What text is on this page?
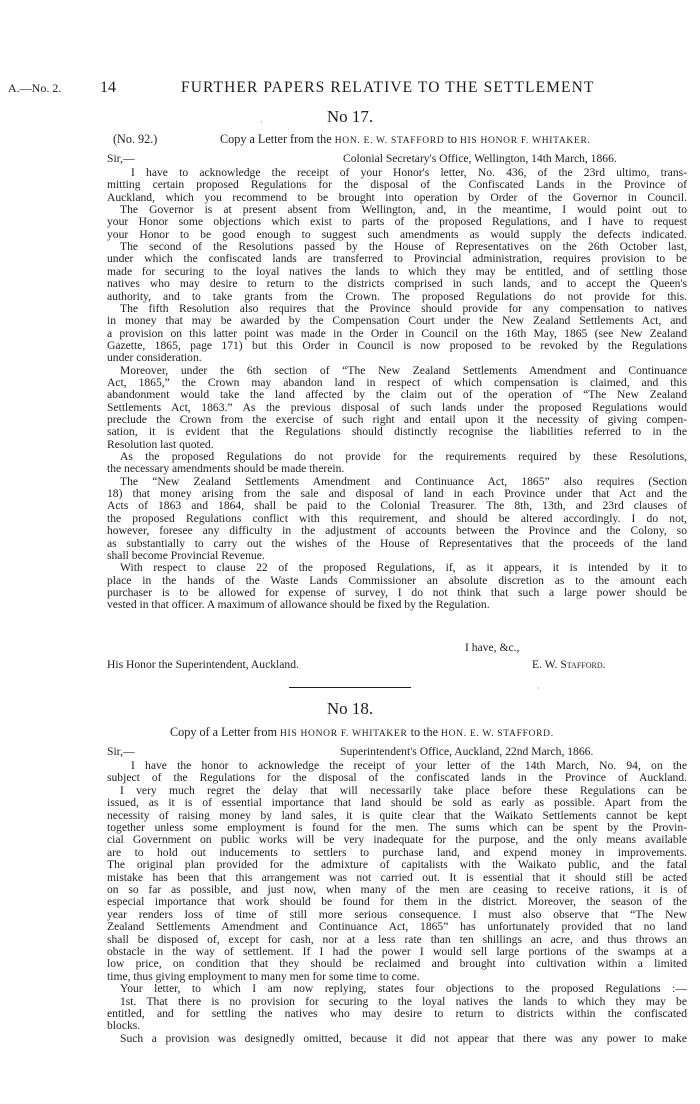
A.—No. 2. 14	FURTHER PAPERS RELATIVE TO THE SETTLEMENT
No 17.
(No. 92.)	Copy a Letter from the HON. E. W. STAFFORD to HIS HONOR F. WHITAKER.
Sir,—	Colonial Secretary's Office, Wellington, 14th March, 1866.
I have to acknowledge the receipt of your Honor's letter, No. 436, of the 23rd ultimo, trans-
mitting certain proposed Regulations for the disposal of the Confiscated Lands in the Province of
Auckland, which you recommend to be brought into operation by Order of the Governor in Council.
The Governor is at present absent from Wellington, and, in the meantime, I would point out to
your Honor some objections which exist to parts of the proposed Regulations, and I have to request
your Honor to be good enough to suggest such amendments as would supply the defects indicated.
The second of the Resolutions passed by the House of Representatives on the 26th October last,
under which the confiscated lands are transferred to Provincial administration, requires provision to be
made for securing to the loyal natives the lands to which they may be entitled, and of settling those
natives who may desire to return to the districts comprised in such lands, and to accept the Queen's
authority, and to take grants from the Crown. The proposed Regulations do not provide for this.
The fifth Resolution also requires that the Province should provide for any compensation to natives
in money that may be awarded by the Compensation Court under the New Zealand Settlements Act, and
a provision on this latter point was made in the Order in Council on the 16th May, 1865 (see New Zealand
Gazette, 1865, page 171) but this Order in Council is now proposed to be revoked by the Regulations
under consideration.
Moreover, under the 6th section of “The New Zealand Settlements Amendment and Continuance
Act, 1865,” the Crown may abandon land in respect of which compensation is claimed, and this
abandonment would take the land affected by the claim out of the operation of “The New Zealand
Settlements Act, 1863.” As the previous disposal of such lands under the proposed Regulations would
preclude the Crown from the exercise of such right and entail upon it the necessity of giving compen-
sation, it is evident that the Regulations should distinctly recognise the liabilities referred to in the
Resolution last quoted.
As the proposed Regulations do not provide for the requirements required by these Resolutions,
the necessary amendments should be made therein.
The “New Zealand Settlements Amendment and Continuance Act, 1865” also requires (Section
18) that money arising from the sale and disposal of land in each Province under that Act and the
Acts of 1863 and 1864, shall be paid to the Colonial Treasurer. The 8th, 13th, and 23rd clauses of
the proposed Regulations conflict with this requirement, and should be altered accordingly. I do not,
however, foresee any difficulty in the adjustment of accounts between the Province and the Colony, so
as substantially to carry out the wishes of the House of Representatives that the proceeds of the land
shall become Provincial Revenue.
With respect to clause 22 of the proposed Regulations, if, as it appears, it is intended by it to
place in the hands of the Waste Lands Commissioner an absolute discretion as to the amount each
purchaser is to be allowed for expense of survey, I do not think that such a large power should be
vested in that officer. A maximum of allowance should be fixed by the Regulation.
I have, &c.,
His Honor the Superintendent, Auckland.	E. W. Stafford.
·
·
No 18.
Copy of a Letter from HIS HONOR F. WHITAKER to the HON. E. W. STAFFORD.
Sir,—	Superintendent's Office, Auckland, 22nd March, 1866.
I have the honor to acknowledge the receipt of your letter of the 14th March, No. 94, on the
subject of the Regulations for the disposal of the confiscated lands in the Province of Auckland.
I very much regret the delay that will necessarily take place before these Regulations can be
issued, as it is of essential importance that land should be sold as early as possible. Apart from the
necessity of raising money by land sales, it is quite clear that the Waikato Settlements cannot be kept
together unless some employment is found for the men. The sums which can be spent by the Provin-
cial Government on public works will be very inadequate for the purpose, and the only means available
are to hold out inducements to settlers to purchase land, and expend money in improvements.
The original plan provided for the admixture of capitalists with the Waikato public, and the fatal
mistake has been that this arrangement was not carried out. It is essential that it should still be acted
on so far as possible, and just now, when many of the men are ceasing to receive rations, it is of
especial importance that work should be found for them in the district. Moreover, the season of the
year renders loss of time of still more serious consequence. I must also observe that “The New
Zealand Settlements Amendment and Continuance Act, 1865” has unfortunately provided that no land
shall be disposed of, except for cash, nor at a less rate than ten shillings an acre, and thus throws an
obstacle in the way of settlement. If I had the power I would sell large portions of the swamps at a
low price, on condition that they should be reclaimed and brought into cultivation within a limited
time, thus giving employment to many men for some time to come.
Your letter, to which I am now replying, states four objections to the proposed Regulations :—
1st. That there is no provision for securing to the loyal natives the lands to which they may be
entitled, and for settling the natives who may desire to return to districts within the confiscated
blocks.
Such a provision was designedly omitted, because it did not appear that there was any power to make
